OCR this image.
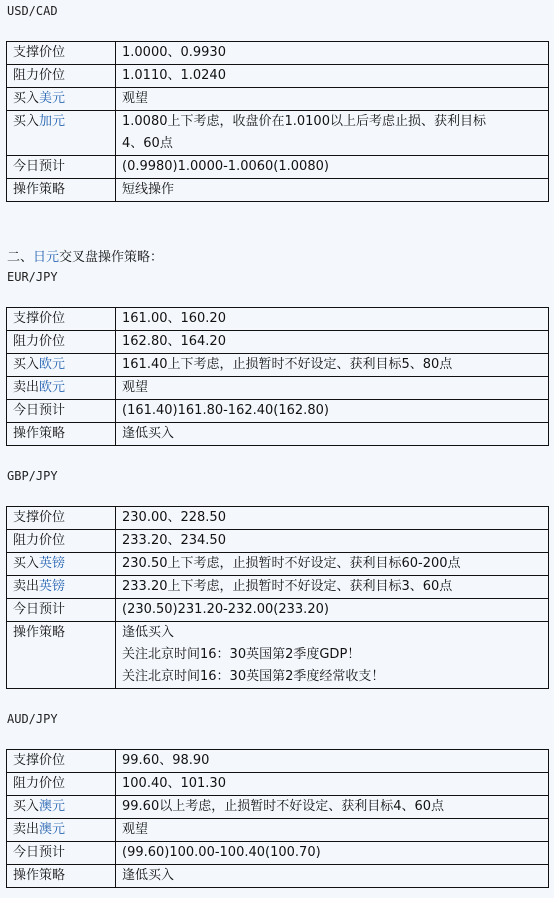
USD/CAD
支撑价位	1.0000、0.9930
阻力价位	1.0110、1.0240
买入美元	观望
买入加元	1.0080上下考虑，收盘价在1.0100以上后考虑止损、获利目标
4、60点

今日预计	(0.9980)1.0000-1.0060(1.0080)
操作策略	短线操作
二、日元交叉盘操作策略：
EUR/JPY
支撑价位	161.00、160.20
阻力价位	162.80、164.20
买入欧元	161.40上下考虑，止损暂时不好设定、获利目标5、80点
卖出欧元	观望
今日预计	(161.40)161.80-162.40(162.80)
操作策略	逢低买入
GBP/JPY
支撑价位	230.00、228.50
阻力价位	233.20、234.50
买入英镑	230.50上下考虑，止损暂时不好设定、获利目标60-200点
卖出英镑	233.20上下考虑，止损暂时不好设定、获利目标3、60点
今日预计	(230.50)231.20-232.00(233.20)
操作策略	逢低买入
关注北京时间16：30英国第2季度GDP！
关注北京时间16：30英国第2季度经常收支！
AUD/JPY
支撑价位	99.60、98.90
阻力价位	100.40、101.30
买入澳元	99.60以上考虑，止损暂时不好设定、获利目标4、60点
卖出澳元	观望
今日预计	(99.60)100.00-100.40(100.70)
操作策略	逢低买入
